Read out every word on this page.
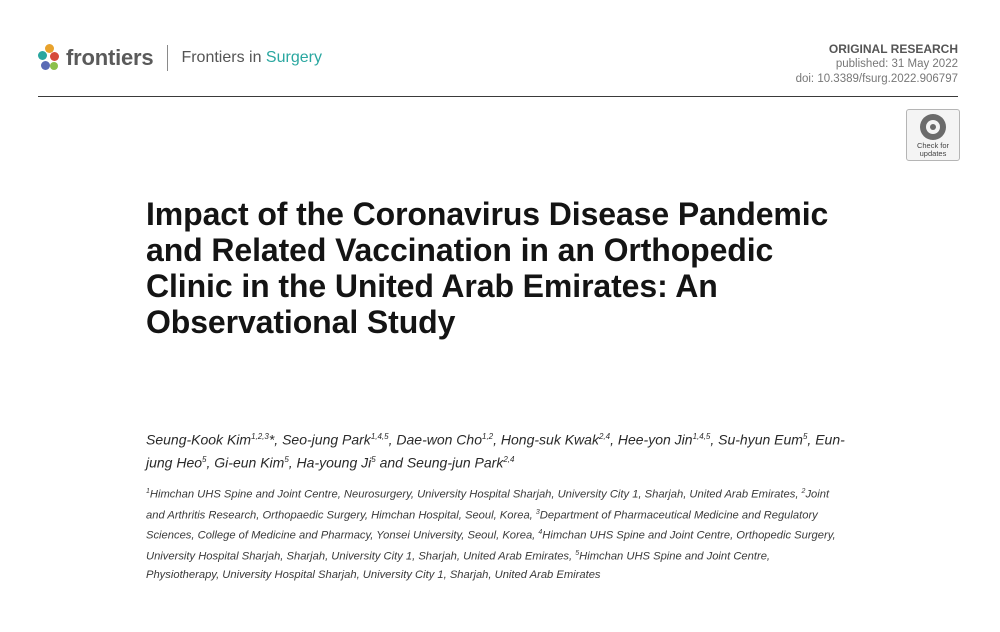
frontiers Frontiers in Surgery	ORIGINAL RESEARCH
published: 31 May 2022
doi: 10.3389/fsurg.2022.906797
Check for
updates
Impact of the Coronavirus Disease Pandemic and Related Vaccination in an Orthopedic Clinic in the United Arab Emirates: An Observational Study

Seung-Kook Kim$^{1,2,3}$*, Seo-jung Park$^{1,4,5}$, Dae-won Cho$^{1,2}$, Hong-suk Kwak$^{2,4}$, Hee-yon Jin$^{1,4,5}$, Su-hyun Eum$^5$, Eun-jung Heo$^5$, Gi-eun Kim$^5$, Ha-young Ji$^5$ and Seung-jun Park$^{2,4}$

$^1$Himchan UHS Spine and Joint Centre, Neurosurgery, University Hospital Sharjah, University City 1, Sharjah, United Arab Emirates, $^2$Joint and Arthritis Research, Orthopaedic Surgery, Himchan Hospital, Seoul, Korea, $^3$Department of Pharmaceutical Medicine and Regulatory Sciences, College of Medicine and Pharmacy, Yonsei University, Seoul, Korea, $^4$Himchan UHS Spine and Joint Centre, Orthopedic Surgery, University Hospital Sharjah, Sharjah, University City 1, Sharjah, United Arab Emirates, $^5$Himchan UHS Spine and Joint Centre, Physiotherapy, University Hospital Sharjah, University City 1, Sharjah, United Arab Emirates
